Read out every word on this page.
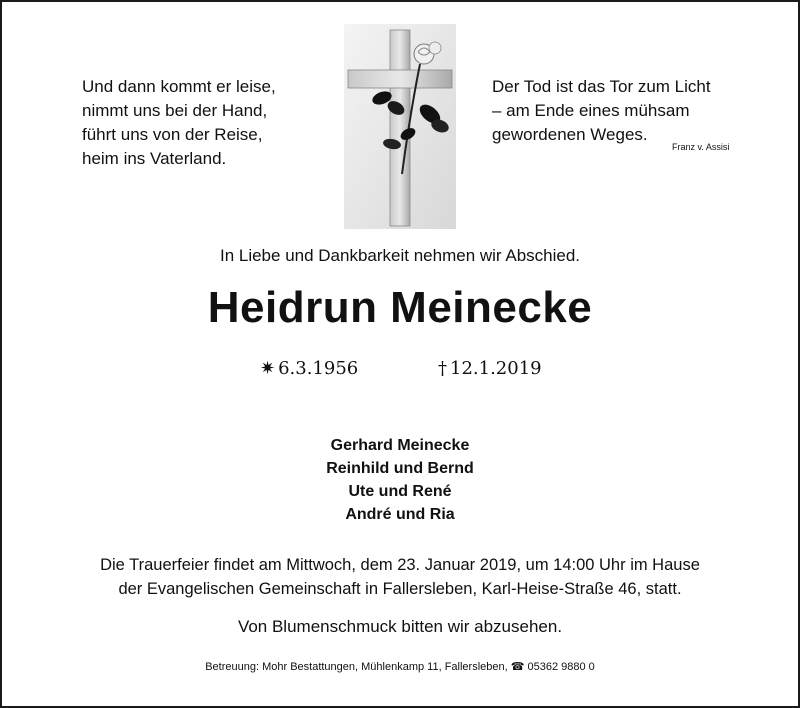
Und dann kommt er leise,
nimmt uns bei der Hand,
führt uns von der Reise,
heim ins Vaterland.
Der Tod ist das Tor zum Licht
– am Ende eines mühsam
gewordenen Weges.
Franz v. Assisi
In Liebe und Dankbarkeit nehmen wir Abschied.
Heidrun Meinecke
✷ 6.3.1956	† 12.1.2019
Gerhard Meinecke
Reinhild und Bernd
Ute und René
André und Ria
Die Trauerfeier findet am Mittwoch, dem 23. Januar 2019, um 14:00 Uhr im Hause
der Evangelischen Gemeinschaft in Fallersleben, Karl-Heise-Straße 46, statt.
Von Blumenschmuck bitten wir abzusehen.
Betreuung: Mohr Bestattungen, Mühlenkamp 11, Fallersleben, ☎ 05362 9880 0
